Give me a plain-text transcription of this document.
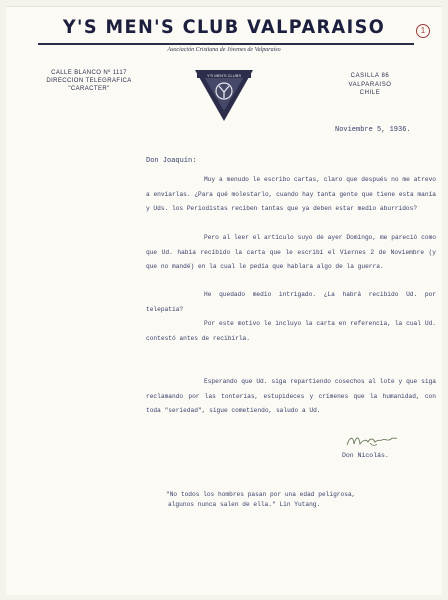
Y'S MEN'S CLUB VALPARAISO
Asociación Cristiana de Jóvenes de Valparaíso
1
CALLE BLANCO Nº 1117
DIRECCION TELEGRAFICA
"CARACTER"
Y'S MEN'S CLUBS	CASILLA 86
VALPARAISO
CHILE
Noviembre 5, 1936.
Don Joaquín:
Muy a menudo le escribo cartas, claro que después no me atrevo a enviarlas. ¿Para qué molestarlo, cuando hay tanta gente que tiene esta manía y Uds. los Periodistas reciben tantas que ya deben estar medio aburridos?
Pero al leer el artículo suyo de ayer Domingo, me pareció como que Ud. había recibido la carta que le escribí el Viernes 2 de Noviembre (y que no mandé) en la cual le pedía que hablara algo de la guerra.
He quedado medio intrigado. ¿La habrá recibido Ud. por telepatía?
Por este motivo le incluyo la carta en referencia, la cual Ud. contestó antes de recibirla.
Esperando que Ud. siga repartiendo cosechos al lote y que siga reclamando por las tonterías, estupideces y crímenes que la humanidad, con toda "seriedad", sigue cometiendo, saludo a Ud.
Don Nicolás.
"No todos los hombres pasan por una edad peligrosa,
algunos nunca salen de ella." Lin Yutang.
